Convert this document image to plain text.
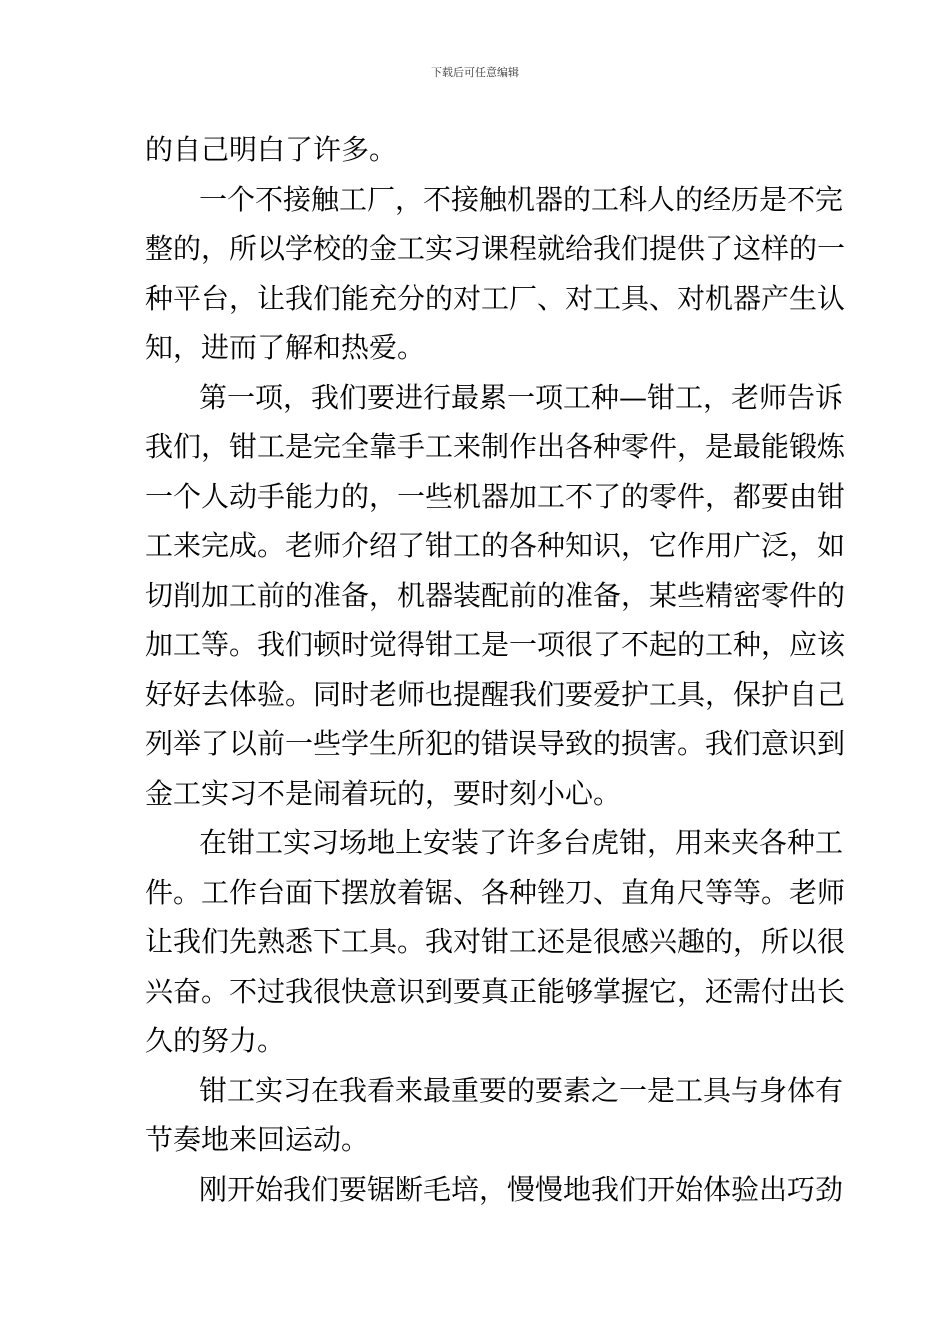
下载后可任意编辑
的自己明白了许多。
一个不接触工厂，不接触机器的工科人的经历是不完
整的，所以学校的金工实习课程就给我们提供了这样的一
种平台，让我们能充分的对工厂、对工具、对机器产生认
知，进而了解和热爱。
第一项，我们要进行最累一项工种—钳工，老师告诉
我们，钳工是完全靠手工来制作出各种零件，是最能锻炼
一个人动手能力的，一些机器加工不了的零件，都要由钳
工来完成。老师介绍了钳工的各种知识，它作用广泛，如
切削加工前的准备，机器装配前的准备，某些精密零件的
加工等。我们顿时觉得钳工是一项很了不起的工种，应该
好好去体验。同时老师也提醒我们要爱护工具，保护自己
列举了以前一些学生所犯的错误导致的损害。我们意识到
金工实习不是闹着玩的，要时刻小心。
在钳工实习场地上安装了许多台虎钳，用来夹各种工
件。工作台面下摆放着锯、各种锉刀、直角尺等等。老师
让我们先熟悉下工具。我对钳工还是很感兴趣的，所以很
兴奋。不过我很快意识到要真正能够掌握它，还需付出长
久的努力。
钳工实习在我看来最重要的要素之一是工具与身体有
节奏地来回运动。
刚开始我们要锯断毛培，慢慢地我们开始体验出巧劲
